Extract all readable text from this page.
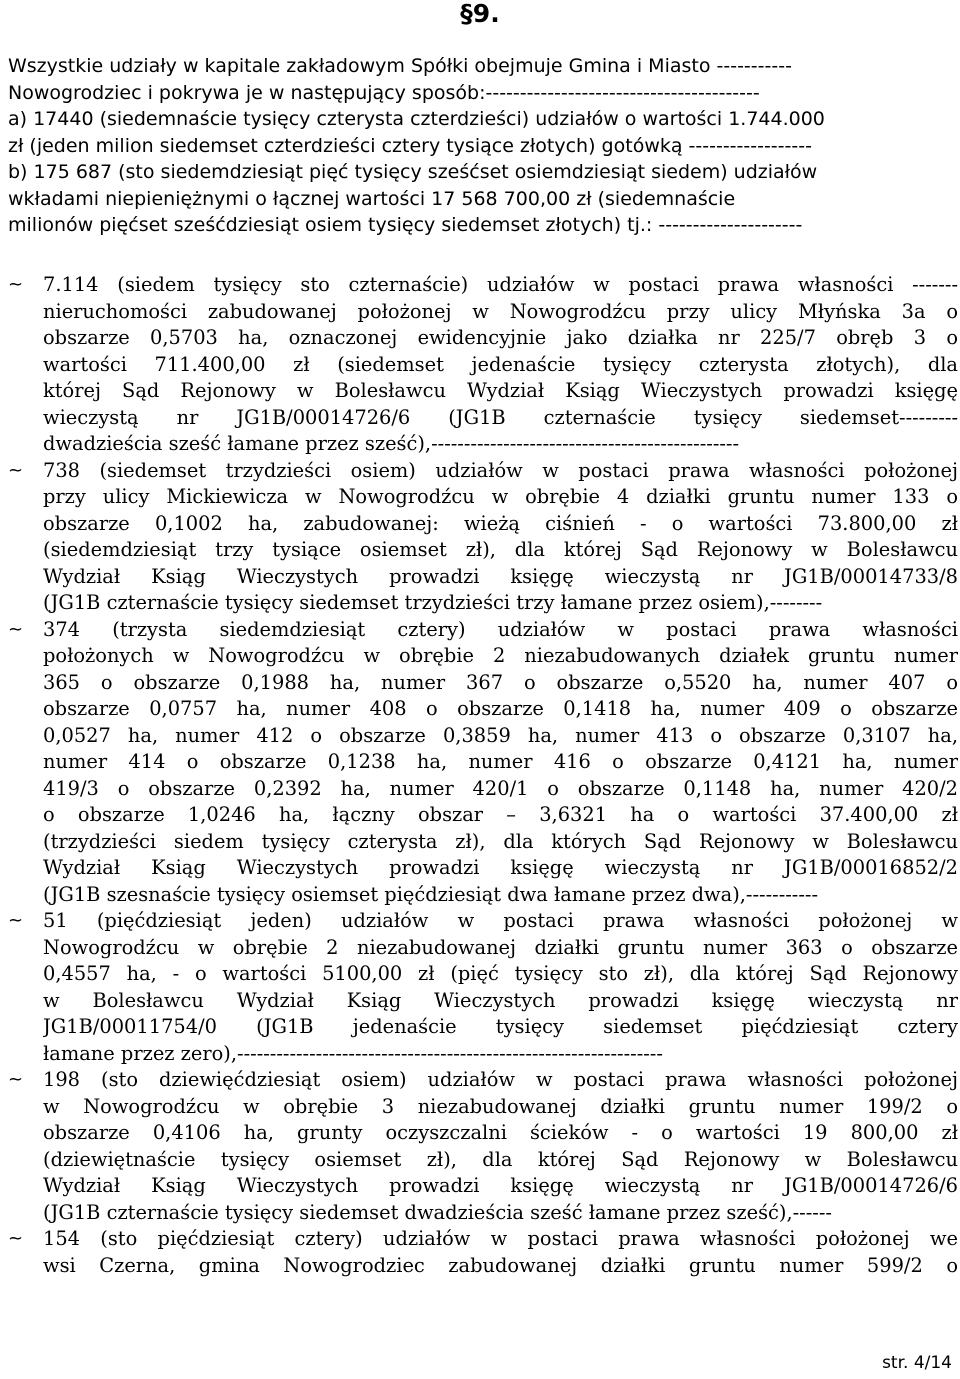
§9.
Wszystkie udziały w kapitale zakładowym Spółki obejmuje Gmina i Miasto -----------
Nowogrodziec i pokrywa je w następujący sposób:----------------------------------------
a) 17440 (siedemnaście tysięcy czterysta czterdzieści) udziałów o wartości 1.744.000
zł (jeden milion siedemset czterdzieści cztery tysiące złotych) gotówką ------------------
b) 175 687 (sto siedemdziesiąt pięć tysięcy sześćset osiemdziesiąt siedem) udziałów
wkładami niepieniężnymi o łącznej wartości 17 568 700,00 zł (siedemnaście
milionów pięćset sześćdziesiąt osiem tysięcy siedemset złotych) tj.: ---------------------
~	7.114 (siedem tysięcy sto czternaście) udziałów w postaci prawa własności -------
nieruchomości zabudowanej położonej w Nowogrodźcu przy ulicy Młyńska 3a o
obszarze 0,5703 ha, oznaczonej ewidencyjnie jako działka nr 225/7 obręb 3 o
wartości 711.400,00 zł (siedemset jedenaście tysięcy czterysta złotych), dla
której Sąd Rejonowy w Bolesławcu Wydział Ksiąg Wieczystych prowadzi księgę
wieczystą nr JG1B/00014726/6 (JG1B czternaście tysięcy siedemset---------
dwadzieścia sześć łamane przez sześć),-----------------------------------------------
~	738 (siedemset trzydzieści osiem) udziałów w postaci prawa własności położonej
przy ulicy Mickiewicza w Nowogrodźcu w obrębie 4 działki gruntu numer 133 o
obszarze 0,1002 ha, zabudowanej: wieżą ciśnień - o wartości 73.800,00 zł
(siedemdziesiąt trzy tysiące osiemset zł), dla której Sąd Rejonowy w Bolesławcu
Wydział Ksiąg Wieczystych prowadzi księgę wieczystą nr JG1B/00014733/8
(JG1B czternaście tysięcy siedemset trzydzieści trzy łamane przez osiem),--------
~	374 (trzysta siedemdziesiąt cztery) udziałów w postaci prawa własności
położonych w Nowogrodźcu w obrębie 2 niezabudowanych działek gruntu numer
365 o obszarze 0,1988 ha, numer 367 o obszarze o,5520 ha, numer 407 o
obszarze 0,0757 ha, numer 408 o obszarze 0,1418 ha, numer 409 o obszarze
0,0527 ha, numer 412 o obszarze 0,3859 ha, numer 413 o obszarze 0,3107 ha,
numer 414 o obszarze 0,1238 ha, numer 416 o obszarze 0,4121 ha, numer
419/3 o obszarze 0,2392 ha, numer 420/1 o obszarze 0,1148 ha, numer 420/2
o obszarze 1,0246 ha, łączny obszar – 3,6321 ha o wartości 37.400,00 zł
(trzydzieści siedem tysięcy czterysta zł), dla których Sąd Rejonowy w Bolesławcu
Wydział Ksiąg Wieczystych prowadzi księgę wieczystą nr JG1B/00016852/2
(JG1B szesnaście tysięcy osiemset pięćdziesiąt dwa łamane przez dwa),-----------
~	51 (pięćdziesiąt jeden) udziałów w postaci prawa własności położonej w
Nowogrodźcu w obrębie 2 niezabudowanej działki gruntu numer 363 o obszarze
0,4557 ha, - o wartości 5100,00 zł (pięć tysięcy sto zł), dla której Sąd Rejonowy
w Bolesławcu Wydział Ksiąg Wieczystych prowadzi księgę wieczystą nr
JG1B/00011754/0 (JG1B jedenaście tysięcy siedemset pięćdziesiąt cztery
łamane przez zero),-----------------------------------------------------------------
~	198 (sto dziewięćdziesiąt osiem) udziałów w postaci prawa własności położonej
w Nowogrodźcu w obrębie 3 niezabudowanej działki gruntu numer 199/2 o
obszarze 0,4106 ha, grunty oczyszczalni ścieków - o wartości 19 800,00 zł
(dziewiętnaście tysięcy osiemset zł), dla której Sąd Rejonowy w Bolesławcu
Wydział Ksiąg Wieczystych prowadzi księgę wieczystą nr JG1B/00014726/6
(JG1B czternaście tysięcy siedemset dwadzieścia sześć łamane przez sześć),------
~	154 (sto pięćdziesiąt cztery) udziałów w postaci prawa własności położonej we
wsi Czerna, gmina Nowogrodziec zabudowanej działki gruntu numer 599/2 o
str. 4/14
